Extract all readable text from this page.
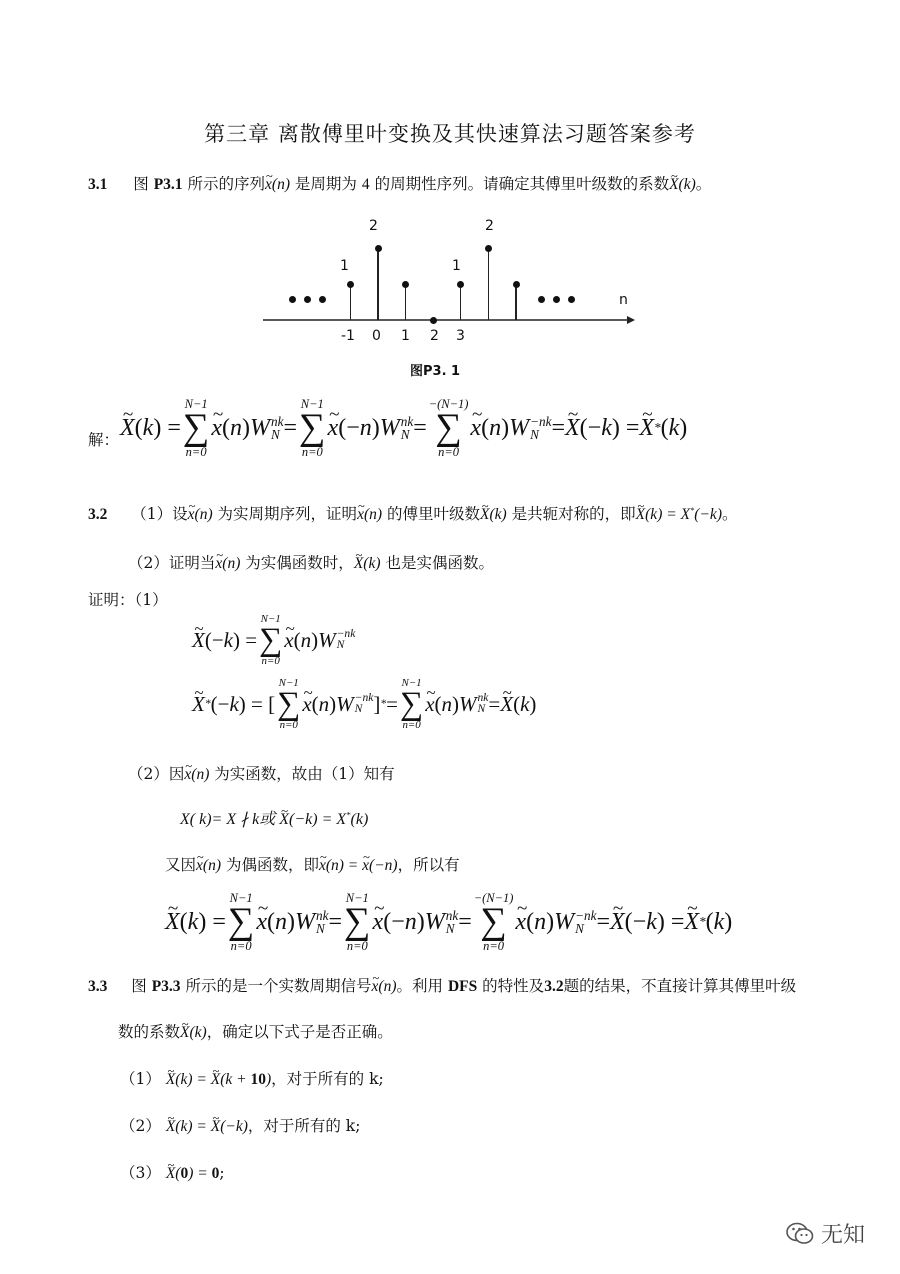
第三章 离散傅里叶变换及其快速算法习题答案参考
3.1 图 P3.1 所示的序列~ x(n) 是周期为 4 的周期性序列。请确定其傅里叶级数的系数~ X(k)。
n
-1 0 1 2 3
1
2
1
2
图P3. 1
解： ~ X ( k ) =
N−1
∑
n=0
~ x ( n ) W nk
N =
N−1
∑
n=0
~ x (− n ) W nk
N =
−(N−1)
∑
n=0
~ x ( n ) W −nk
N = ~ X (− k ) = ~ X * ( k )
3.2 （1）设~ x(n) 为实周期序列，证明~ x(n) 的傅里叶级数~ X(k) 是共轭对称的，即~ X(k) = X*(−k)。
（2）证明当~ x(n) 为实偶函数时，~ X(k) 也是实偶函数。
证明：（1）
~ X (− k ) =
N−1
∑
n=0
~ x ( n ) W −nk
N
~ X * (− k ) = [
N−1
∑
n=0
~ x ( n ) W −nk
N ] * =
N−1
∑
n=0
~ x ( n ) W nk
N = ~ X ( k )
（2）因~ x(n) 为实函数，故由（1）知有
X( k)= X ∤ k或 ~ X(−k) = X*(k)
又因~ x(n) 为偶函数，即~ x(n) = ~ x(−n)，所以有
~ X ( k ) =
N−1
∑
n=0
~ x ( n ) W nk
N =
N−1
∑
n=0
~ x (− n ) W nk
N =
−(N−1)
∑
n=0
~ x ( n ) W −nk
N = ~ X (− k ) = ~ X * ( k )
3.3 图 P3.3 所示的是一个实数周期信号~ x(n)。利用 DFS 的特性及3.2题的结果，不直接计算其傅里叶级
数的系数~ X(k)，确定以下式子是否正确。
（1） ~ X(k) = ~ X(k + 10)，对于所有的 k;
（2） ~ X(k) = ~ X(−k)，对于所有的 k;
（3） ~ X(0) = 0;
无知
